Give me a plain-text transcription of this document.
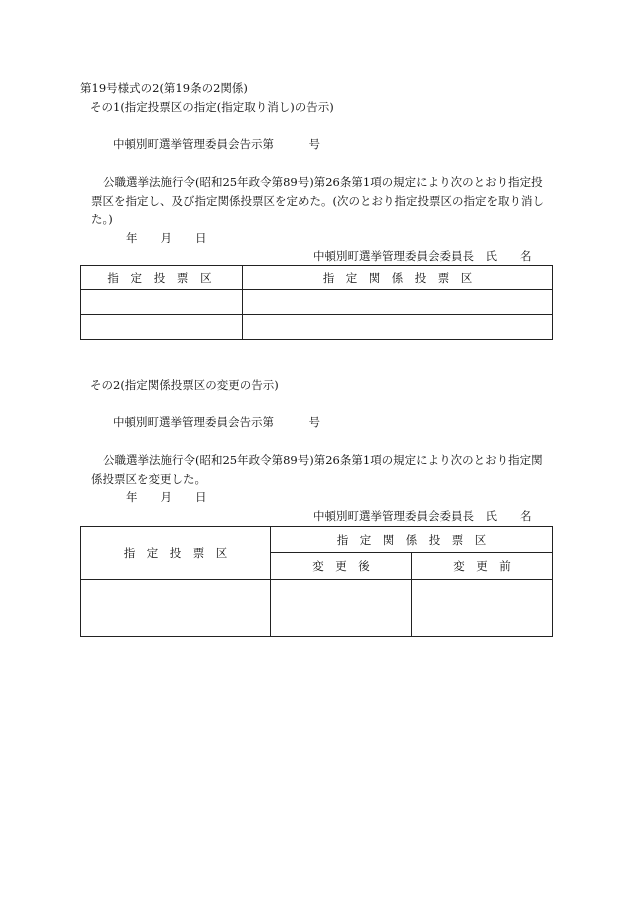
第19号様式の2(第19条の2関係)
その1(指定投票区の指定(指定取り消し)の告示)
中頓別町選挙管理委員会告示第　　　号
公職選挙法施行令(昭和25年政令第89号)第26条第1項の規定により次のとおり指定投
票区を指定し、及び指定関係投票区を定めた。(次のとおり指定投票区の指定を取り消し
た。)
年　　月　　日
中頓別町選挙管理委員会委員長　氏　　名
指 定 投 票 区	指　定　関　係　投　票　区

その2(指定関係投票区の変更の告示)
中頓別町選挙管理委員会告示第　　　号
公職選挙法施行令(昭和25年政令第89号)第26条第1項の規定により次のとおり指定関
係投票区を変更した。
年　　月　　日
中頓別町選挙管理委員会委員長　氏　　名
指　定　投　票　区	指　定　関　係　投　票　区	
	変　更　後	変　更　前
